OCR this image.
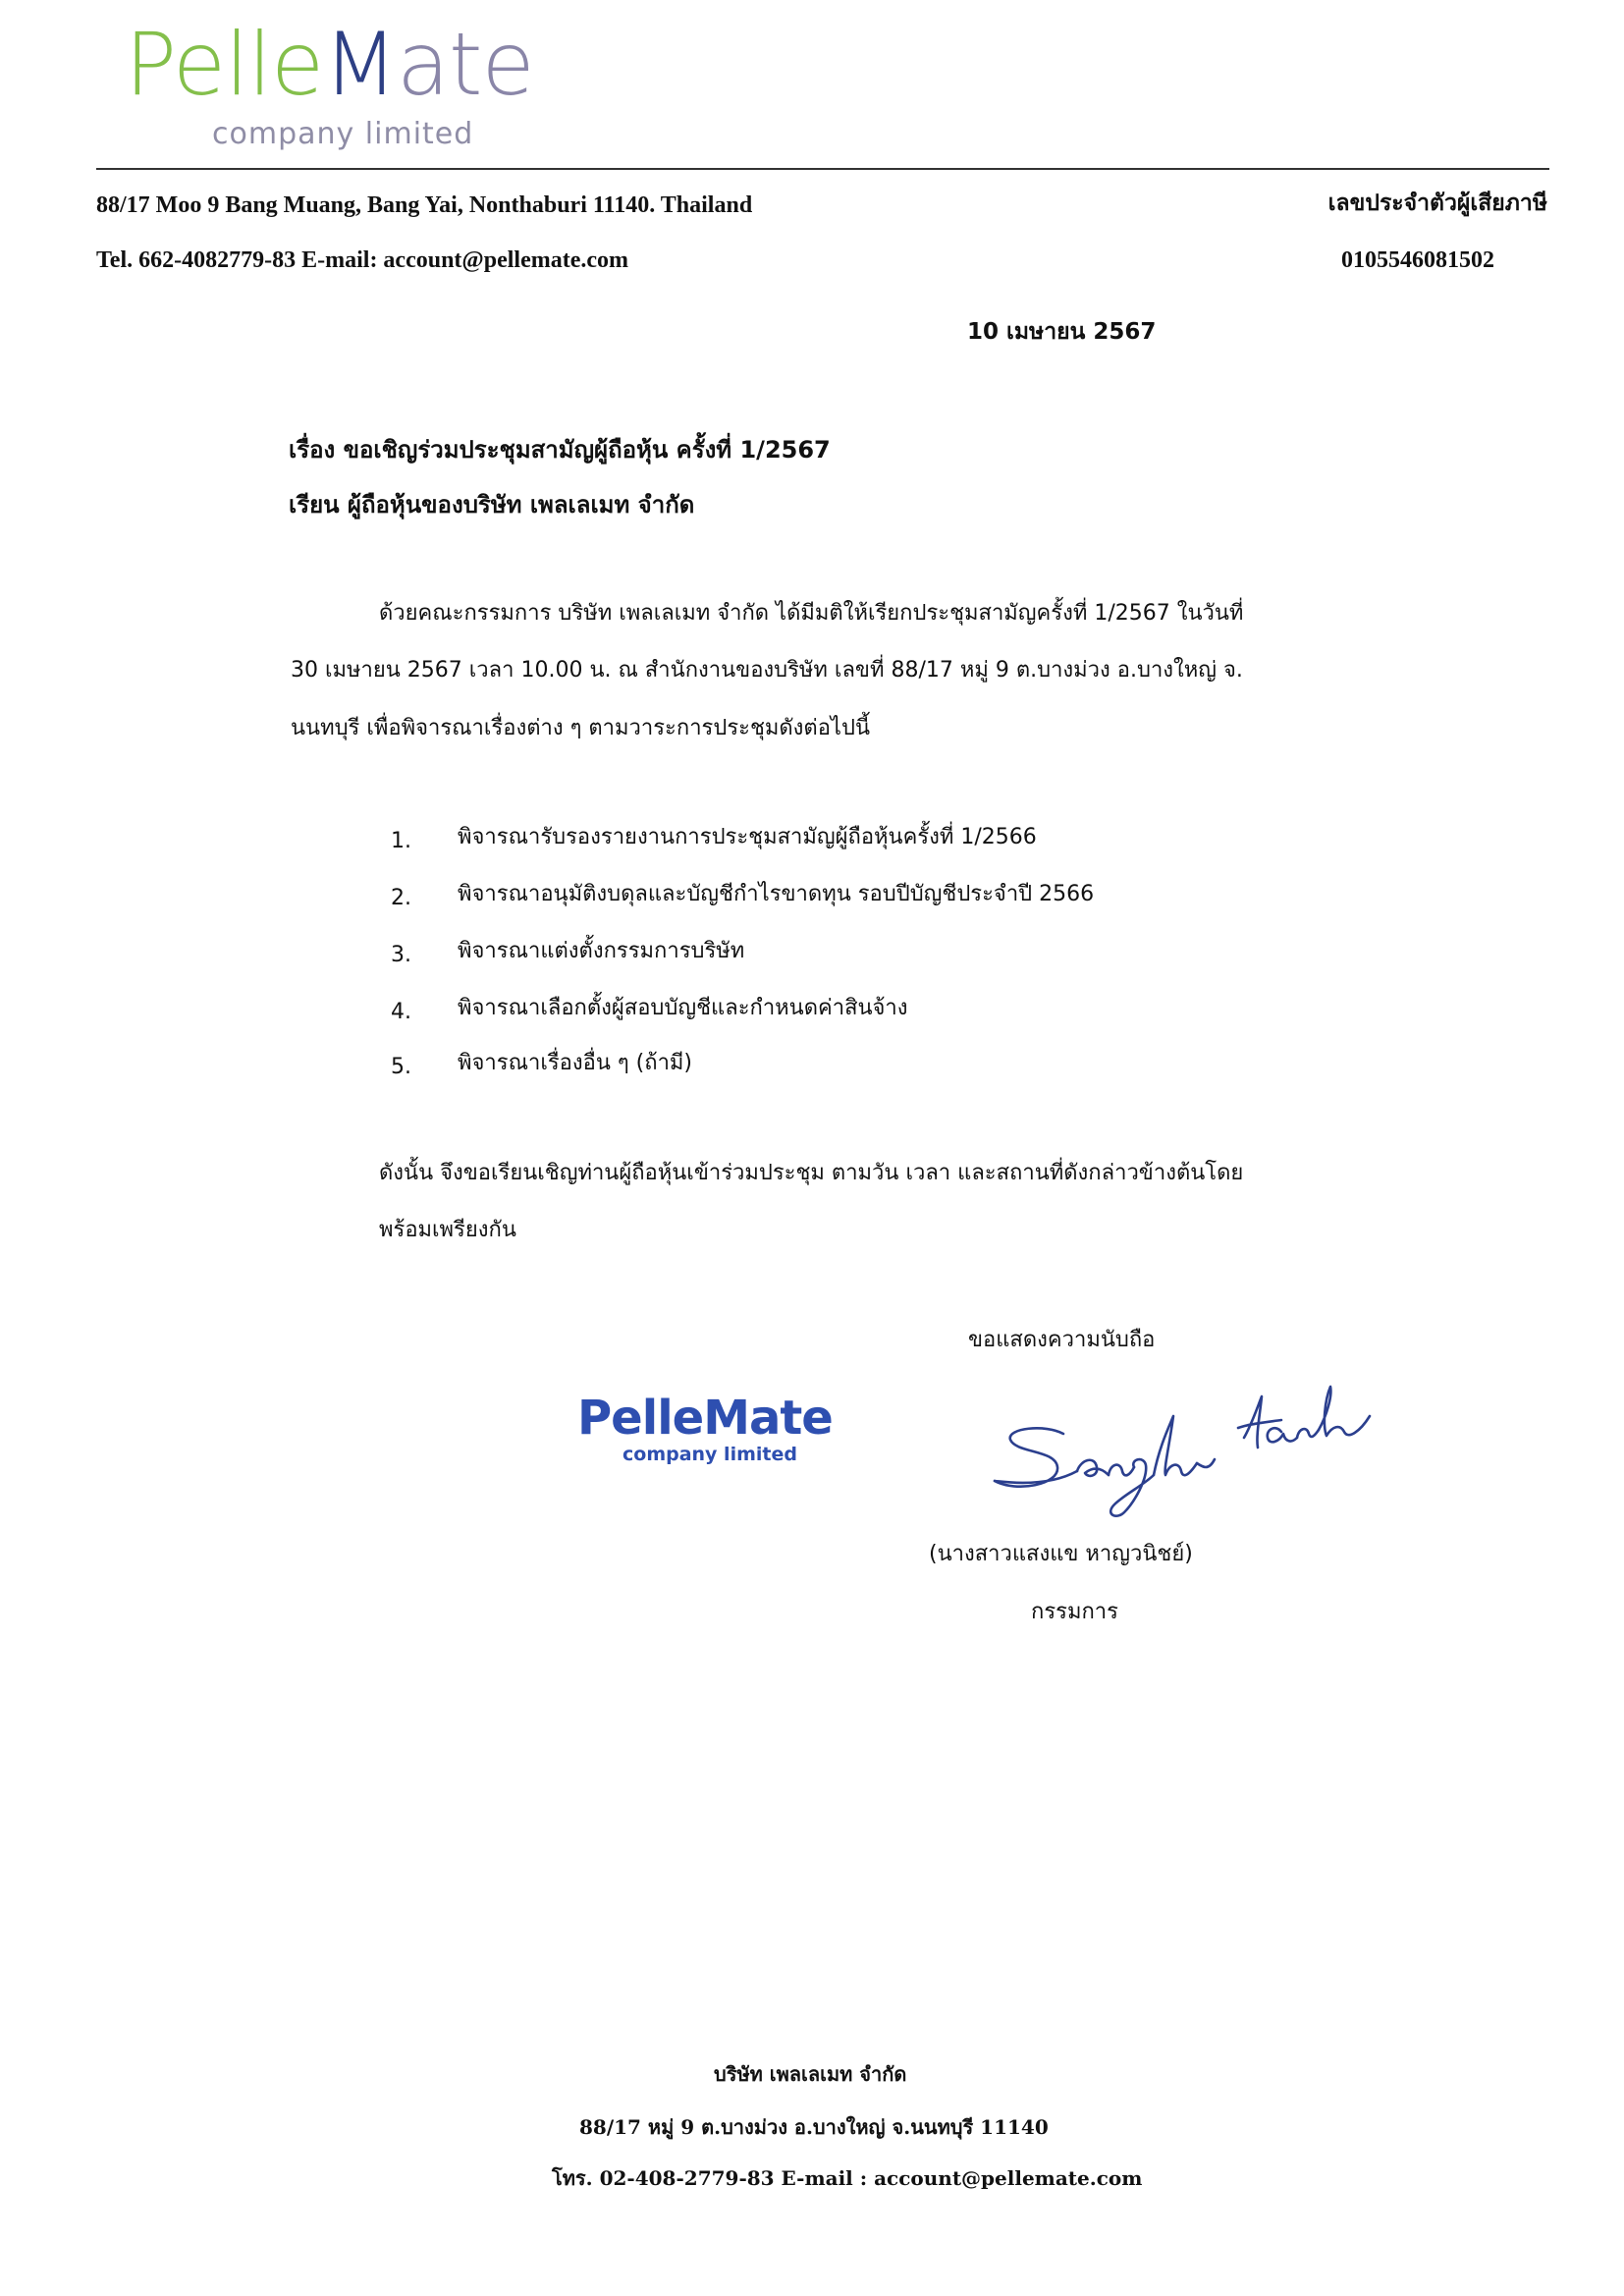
PelleMate
company limited
88/17 Moo 9 Bang Muang, Bang Yai, Nonthaburi 11140. Thailand
Tel. 662-4082779-83 E-mail: account@pellemate.com
เลขประจำตัวผู้เสียภาษี
0105546081502
10 เมษายน 2567
เรื่อง ขอเชิญร่วมประชุมสามัญผู้ถือหุ้น ครั้งที่ 1/2567
เรียน ผู้ถือหุ้นของบริษัท เพลเลเมท จำกัด
ด้วยคณะกรรมการ บริษัท เพลเลเมท จำกัด ได้มีมติให้เรียกประชุมสามัญครั้งที่ 1/2567 ในวันที่
30 เมษายน 2567 เวลา 10.00 น. ณ สำนักงานของบริษัท เลขที่ 88/17 หมู่ 9 ต.บางม่วง อ.บางใหญ่ จ.
นนทบุรี เพื่อพิจารณาเรื่องต่าง ๆ ตามวาระการประชุมดังต่อไปนี้
1. พิจารณารับรองรายงานการประชุมสามัญผู้ถือหุ้นครั้งที่ 1/2566
2. พิจารณาอนุมัติงบดุลและบัญชีกำไรขาดทุน รอบปีบัญชีประจำปี 2566
3. พิจารณาแต่งตั้งกรรมการบริษัท
4. พิจารณาเลือกตั้งผู้สอบบัญชีและกำหนดค่าสินจ้าง
5. พิจารณาเรื่องอื่น ๆ (ถ้ามี)
ดังนั้น จึงขอเรียนเชิญท่านผู้ถือหุ้นเข้าร่วมประชุม ตามวัน เวลา และสถานที่ดังกล่าวข้างต้นโดย
พร้อมเพรียงกัน
ขอแสดงความนับถือ
PelleMate
company limited
(นางสาวแสงแข หาญวนิชย์)
กรรมการ
บริษัท เพลเลเมท จำกัด
88/17 หมู่ 9 ต.บางม่วง อ.บางใหญ่ จ.นนทบุรี 11140
โทร. 02-408-2779-83 E-mail : account@pellemate.com
